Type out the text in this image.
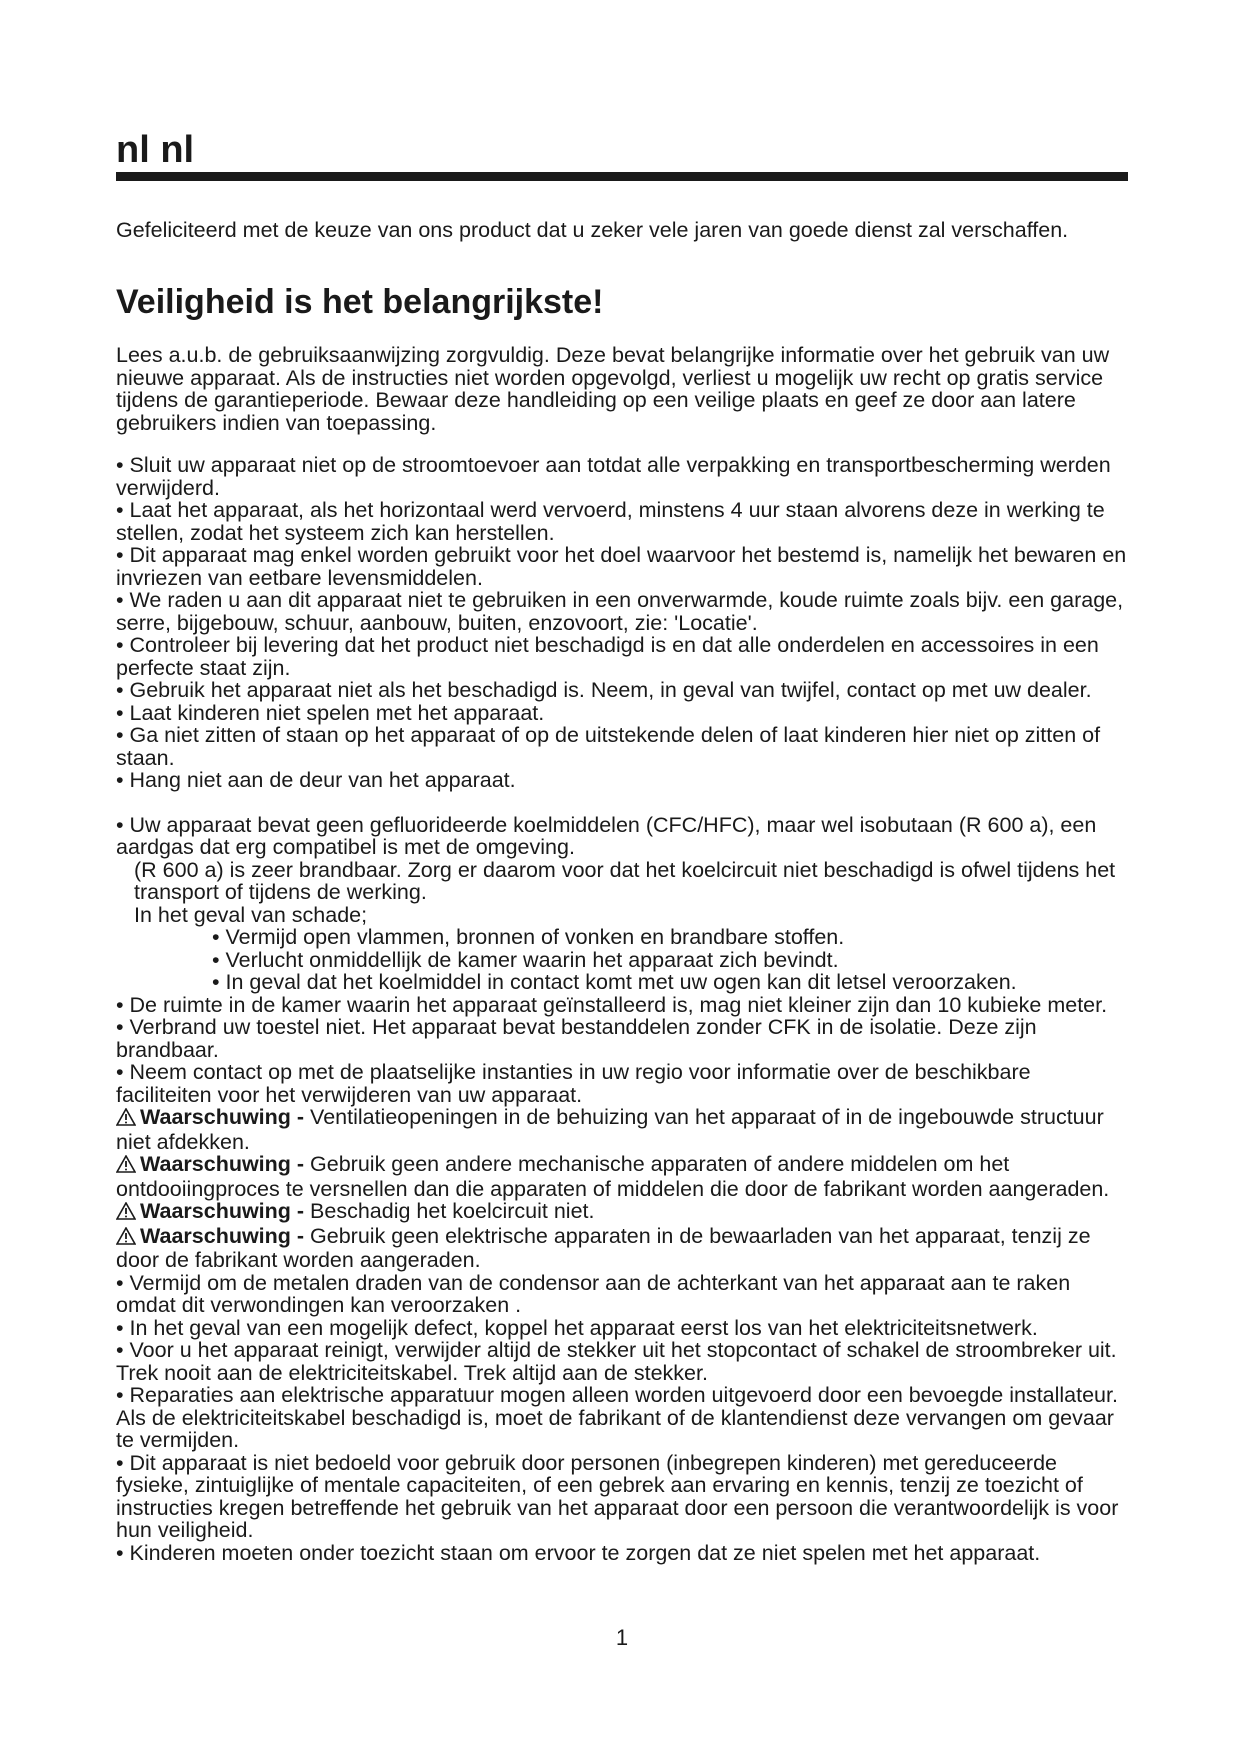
nl nl

Gefeliciteerd met de keuze van ons product dat u zeker vele jaren van goede dienst zal verschaffen.

Veiligheid is het belangrijkste!

Lees a.u.b. de gebruiksaanwijzing zorgvuldig. Deze bevat belangrijke informatie over het gebruik van uw nieuwe apparaat. Als de instructies niet worden opgevolgd, verliest u mogelijk uw recht op gratis service tijdens de garantieperiode. Bewaar deze handleiding op een veilige plaats en geef ze door aan latere gebruikers indien van toepassing.

• Sluit uw apparaat niet op de stroomtoevoer aan totdat alle verpakking en transportbescherming werden verwijderd.

• Laat het apparaat, als het horizontaal werd vervoerd, minstens 4 uur staan alvorens deze in werking te stellen, zodat het systeem zich kan herstellen.

• Dit apparaat mag enkel worden gebruikt voor het doel waarvoor het bestemd is, namelijk het bewaren en invriezen van eetbare levensmiddelen.

• We raden u aan dit apparaat niet te gebruiken in een onverwarmde, koude ruimte zoals bijv. een garage, serre, bijgebouw, schuur, aanbouw, buiten, enzovoort, zie: 'Locatie'.

• Controleer bij levering dat het product niet beschadigd is en dat alle onderdelen en accessoires in een perfecte staat zijn.

• Gebruik het apparaat niet als het beschadigd is. Neem, in geval van twijfel, contact op met uw dealer.

• Laat kinderen niet spelen met het apparaat.

• Ga niet zitten of staan op het apparaat of op de uitstekende delen of laat kinderen hier niet op zitten of staan.

• Hang niet aan de deur van het apparaat.

• Uw apparaat bevat geen gefluorideerde koelmiddelen (CFC/HFC), maar wel isobutaan (R 600 a), een aardgas dat erg compatibel is met de omgeving.

(R 600 a) is zeer brandbaar. Zorg er daarom voor dat het koelcircuit niet beschadigd is ofwel tijdens het transport of tijdens de werking.

In het geval van schade;

• Vermijd open vlammen, bronnen of vonken en brandbare stoffen.

• Verlucht onmiddellijk de kamer waarin het apparaat zich bevindt.

• In geval dat het koelmiddel in contact komt met uw ogen kan dit letsel veroorzaken.

• De ruimte in de kamer waarin het apparaat geïnstalleerd is, mag niet kleiner zijn dan 10 kubieke meter.

• Verbrand uw toestel niet. Het apparaat bevat bestanddelen zonder CFK in de isolatie. Deze zijn brandbaar.

• Neem contact op met de plaatselijke instanties in uw regio voor informatie over de beschikbare faciliteiten voor het verwijderen van uw apparaat.

Waarschuwing - Ventilatieopeningen in de behuizing van het apparaat of in de ingebouwde structuur niet afdekken.

Waarschuwing - Gebruik geen andere mechanische apparaten of andere middelen om het ontdooiingproces te versnellen dan die apparaten of middelen die door de fabrikant worden aangeraden.

Waarschuwing - Beschadig het koelcircuit niet.

Waarschuwing - Gebruik geen elektrische apparaten in de bewaarladen van het apparaat, tenzij ze door de fabrikant worden aangeraden.

• Vermijd om de metalen draden van de condensor aan de achterkant van het apparaat aan te raken omdat dit verwondingen kan veroorzaken .

• In het geval van een mogelijk defect, koppel het apparaat eerst los van het elektriciteitsnetwerk.

• Voor u het apparaat reinigt, verwijder altijd de stekker uit het stopcontact of schakel de stroombreker uit. Trek nooit aan de elektriciteitskabel. Trek altijd aan de stekker.

• Reparaties aan elektrische apparatuur mogen alleen worden uitgevoerd door een bevoegde installateur. Als de elektriciteitskabel beschadigd is, moet de fabrikant of de klantendienst deze vervangen om gevaar te vermijden.

• Dit apparaat is niet bedoeld voor gebruik door personen (inbegrepen kinderen) met gereduceerde fysieke, zintuiglijke of mentale capaciteiten, of een gebrek aan ervaring en kennis, tenzij ze toezicht of instructies kregen betreffende het gebruik van het apparaat door een persoon die verantwoordelijk is voor hun veiligheid.

• Kinderen moeten onder toezicht staan om ervoor te zorgen dat ze niet spelen met het apparaat.

1
